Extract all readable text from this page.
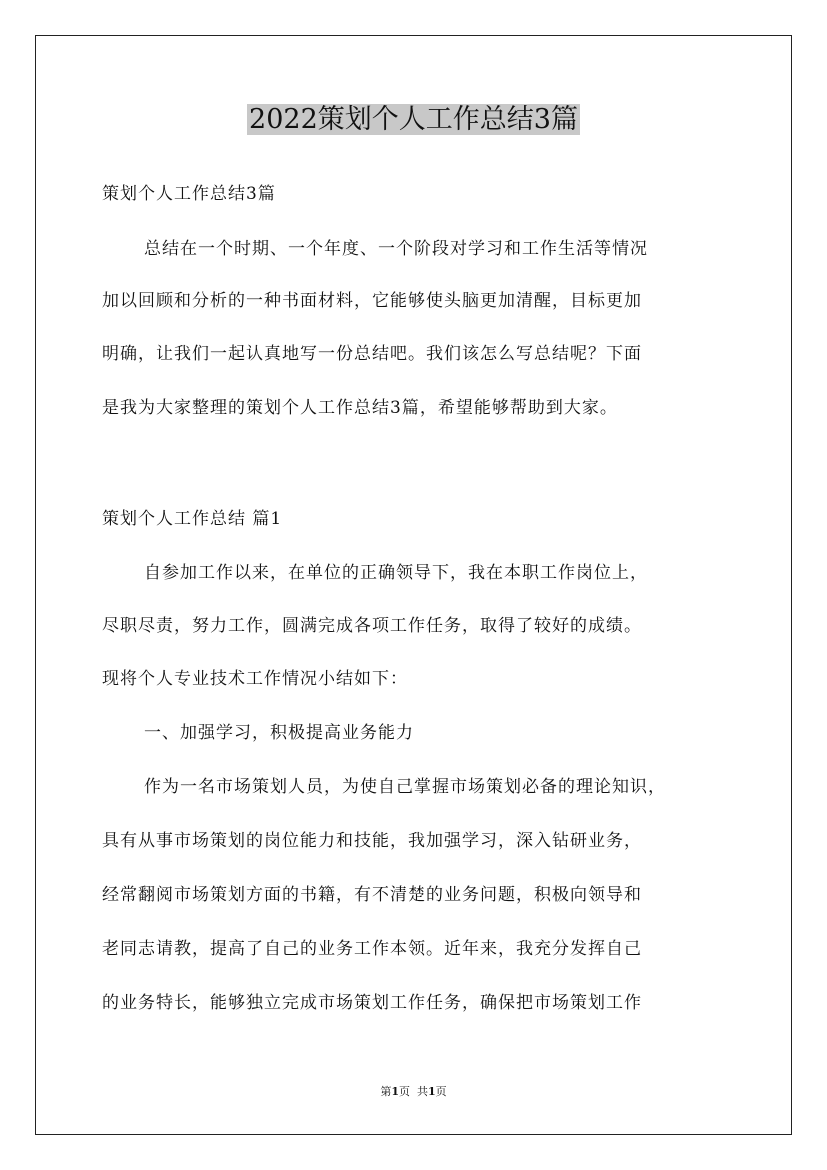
2022策划个人工作总结3篇
策划个人工作总结3篇
总结在一个时期、一个年度、一个阶段对学习和工作生活等情况
加以回顾和分析的一种书面材料，它能够使头脑更加清醒，目标更加
明确，让我们一起认真地写一份总结吧。我们该怎么写总结呢？下面
是我为大家整理的策划个人工作总结3篇，希望能够帮助到大家。
策划个人工作总结 篇1
自参加工作以来，在单位的正确领导下，我在本职工作岗位上，
尽职尽责，努力工作，圆满完成各项工作任务，取得了较好的成绩。
现将个人专业技术工作情况小结如下：
一、加强学习，积极提高业务能力
作为一名市场策划人员，为使自己掌握市场策划必备的理论知识，
具有从事市场策划的岗位能力和技能，我加强学习，深入钻研业务，
经常翻阅市场策划方面的书籍，有不清楚的业务问题，积极向领导和
老同志请教，提高了自己的业务工作本领。近年来，我充分发挥自己
的业务特长，能够独立完成市场策划工作任务，确保把市场策划工作
第1页 共1页
